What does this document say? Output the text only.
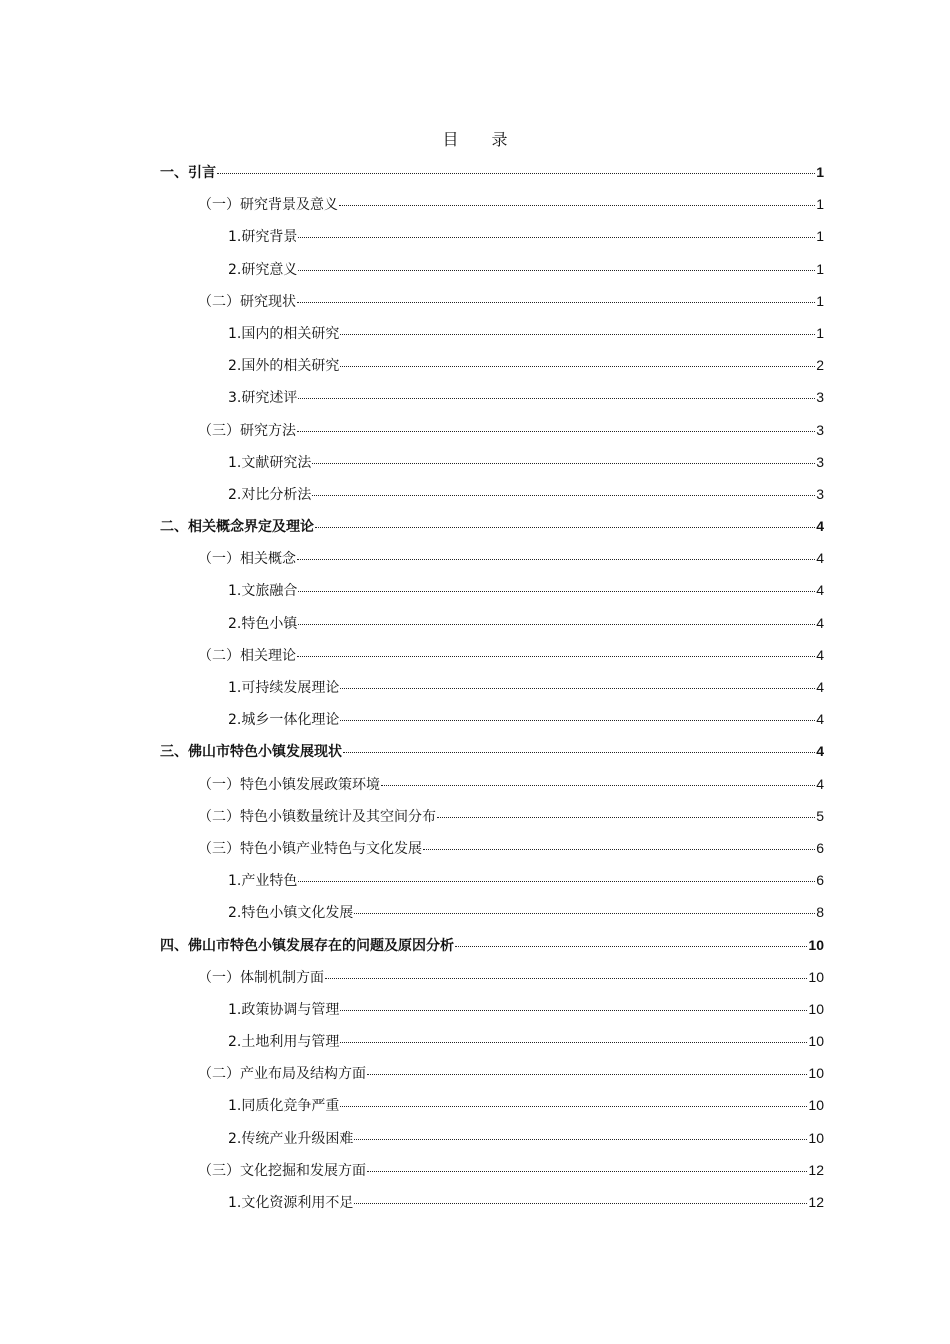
目 录
一、引言	1
（一）研究背景及意义	1
1.研究背景	1
2.研究意义	1
（二）研究现状	1
1.国内的相关研究	1
2.国外的相关研究	2
3.研究述评	3
（三）研究方法	3
1.文献研究法	3
2.对比分析法	3
二、相关概念界定及理论	4
（一）相关概念	4
1.文旅融合	4
2.特色小镇	4
（二）相关理论	4
1.可持续发展理论	4
2.城乡一体化理论	4
三、佛山市特色小镇发展现状	4
（一）特色小镇发展政策环境	4
（二）特色小镇数量统计及其空间分布	5
（三）特色小镇产业特色与文化发展	6
1.产业特色	6
2.特色小镇文化发展	8
四、佛山市特色小镇发展存在的问题及原因分析	10
（一）体制机制方面	10
1.政策协调与管理	10
2.土地利用与管理	10
（二）产业布局及结构方面	10
1.同质化竞争严重	10
2.传统产业升级困难	10
（三）文化挖掘和发展方面	12
1.文化资源利用不足	12
